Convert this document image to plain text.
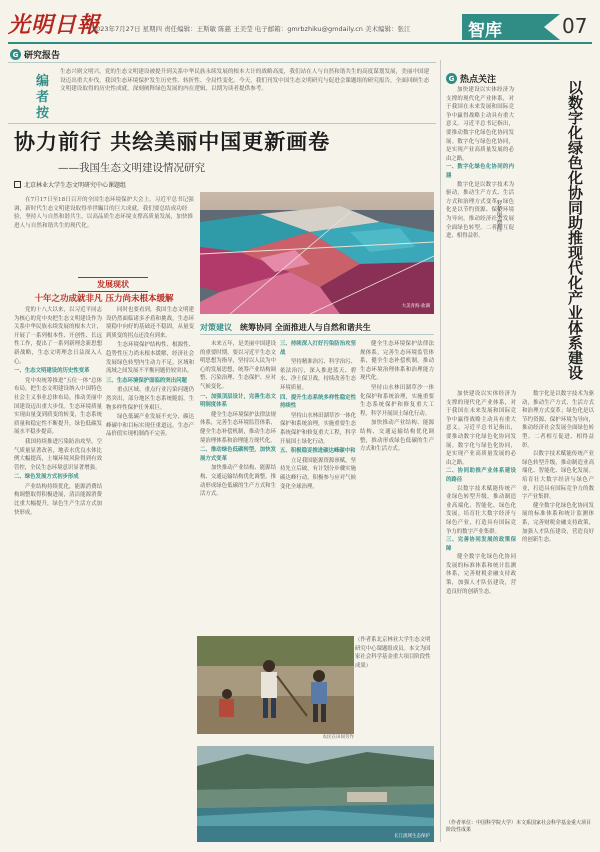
光明日報
2023年7月27日 星期四 责任编辑：王斯敏 陈慈 王美莹 电子邮箱：gmrbzhiku@gmdaily.cn 美术编辑：张江	智库	07
G 研究报告
G 热点关注
编者按
生态兴则文明兴。党的生态文明建设被提升到关系中华民族永续发展的根本大计的战略高度，我们站在人与自然和谐共生的高度谋划发展，美丽中国建设迈出重大步伐，我国生态环境保护发生历史性、转折性、全局性变化。今天，我们刊发中国生态文明研究与促进会课题组的研究报告，全面回顾生态文明建设取得的历史性成就，深刻阐释绿色发展的内在逻辑，以期为读者提供参考。
协力前行 共绘美丽中国更新画卷
——我国生态文明建设情况研究
北京林业大学生态文明研究中心课题组
在7月17日至18日召开的全国生态环境保护大会上，习近平总书记强调，新时代生态文明建设取得举世瞩目的巨大成就。我们要总结成功经验，坚持人与自然和谐共生，以高品质生态环境支撑高质量发展，加快推进人与自然和谐共生的现代化。
大美青海·盐湖
发展现状
十年之功成就非凡 压力尚未根本缓解

党的十八大以来，以习近平同志为核心的党中央把生态文明建设作为关系中华民族永续发展的根本大计，开展了一系列根本性、开创性、长远性工作，提出了一系列新理念新思想新战略，生态文明理念日益深入人心。

一、生态文明建设的历史性变革

党中央统筹推进“五位一体”总体布局，把生态文明建设纳入中国特色社会主义事业总体布局，推动美丽中国建设迈出重大步伐。生态环境质量实现由量变到质变的转变，生态系统质量和稳定性不断提升，绿色低碳发展水平稳步提高。

我国持续推进污染防治攻坚，空气质量显著改善，地表水优良水体比例大幅提高，土壤环境风险得到有效管控，全民生态环境意识显著增强。

二、绿色发展方式初步形成

产业结构持续优化，能源消费结构调整取得积极进展，清洁能源消费比重大幅提升，绿色生产生活方式加快形成。

同时也要看到，我国生态文明建设仍然面临诸多矛盾和挑战，生态环境稳中向好的基础还不稳固，从量变到质变的拐点还没有到来。

生态环境保护结构性、根源性、趋势性压力尚未根本缓解，经济社会发展绿色转型内生动力不足，区域和流域之间发展不平衡问题仍较突出。

三、生态环境保护面临的突出问题

重点区域、重点行业污染问题仍然突出，部分地区生态系统脆弱，生物多样性保护任务艰巨。

绿色低碳产业发展不充分，碳达峰碳中和目标实现任重道远，生态产品价值实现机制尚不完善。

对策建议 统筹协同 全面推进人与自然和谐共生

未来五年，是美丽中国建设的重要时期。要以习近平生态文明思想为指导，坚持以人民为中心的发展思想，统筹产业结构调整、污染治理、生态保护、应对气候变化。

一、加强顶层设计，完善生态文明制度体系

健全生态环境保护法律法规体系，完善生态环境监管体系，健全生态补偿机制，推动生态环境治理体系和治理能力现代化。

二、推动绿色低碳转型，加快发展方式变革

加快推动产业结构、能源结构、交通运输结构优化调整，推动形成绿色低碳的生产方式和生活方式。

三、持续深入打好污染防治攻坚战

坚持精准治污、科学治污、依法治污，深入推进蓝天、碧水、净土保卫战，持续改善生态环境质量。

四、提升生态系统多样性稳定性持续性

坚持山水林田湖草沙一体化保护和系统治理，实施重要生态系统保护和修复重大工程，科学开展国土绿化行动。

五、积极稳妥推进碳达峰碳中和

立足我国能源资源禀赋，坚持先立后破，有计划分步骤实施碳达峰行动，积极参与应对气候变化全球治理。

健全生态环境保护法律法规体系，完善生态环境监管体系，健全生态补偿机制，推动生态环境治理体系和治理能力现代化。

坚持山水林田湖草沙一体化保护和系统治理，实施重要生态系统保护和修复重大工程，科学开展国土绿化行动。

加快推动产业结构、能源结构、交通运输结构优化调整，推动形成绿色低碳的生产方式和生活方式。

农民在田间劳作
（作者系北京林业大学生态文明研究中心课题组成员。本文为国家社会科学基金重大项目阶段性成果）
长江流域生态保护
以数字化绿色化协同助推现代化产业体系建设
罗荣渠 贾佳

加快建设以实体经济为支撑的现代化产业体系，对于我国在未来发展和国际竞争中赢得战略主动具有重大意义。习近平总书记指出，要推动数字化绿色化协同发展。数字化与绿色化协同，是实现产业高质量发展的必由之路。

一、数字化绿色化协同的内涵

数字化是以数字技术为驱动，推动生产方式、生活方式和治理方式变革；绿色化是以节约资源、保护环境为导向，推动经济社会发展全面绿色转型。二者相互促进、相得益彰。

加快建设以实体经济为支撑的现代化产业体系，对于我国在未来发展和国际竞争中赢得战略主动具有重大意义。习近平总书记指出，要推动数字化绿色化协同发展。数字化与绿色化协同，是实现产业高质量发展的必由之路。

二、协同助推产业体系建设的路径

以数字技术赋能传统产业绿色转型升级，推动制造业高端化、智能化、绿色化发展。培育壮大数字经济与绿色产业，打造具有国际竞争力的数字产业集群。

三、完善协同发展的政策保障

健全数字化绿色化协同发展的标准体系和统计监测体系，完善财税金融支持政策，加强人才队伍建设，营造良好的创新生态。

数字化是以数字技术为驱动，推动生产方式、生活方式和治理方式变革；绿色化是以节约资源、保护环境为导向，推动经济社会发展全面绿色转型。二者相互促进、相得益彰。

以数字技术赋能传统产业绿色转型升级，推动制造业高端化、智能化、绿色化发展。培育壮大数字经济与绿色产业，打造具有国际竞争力的数字产业集群。

健全数字化绿色化协同发展的标准体系和统计监测体系，完善财税金融支持政策，加强人才队伍建设，营造良好的创新生态。

（作者单位：中国科学院大学）本文系国家社会科学基金重大项目阶段性成果
